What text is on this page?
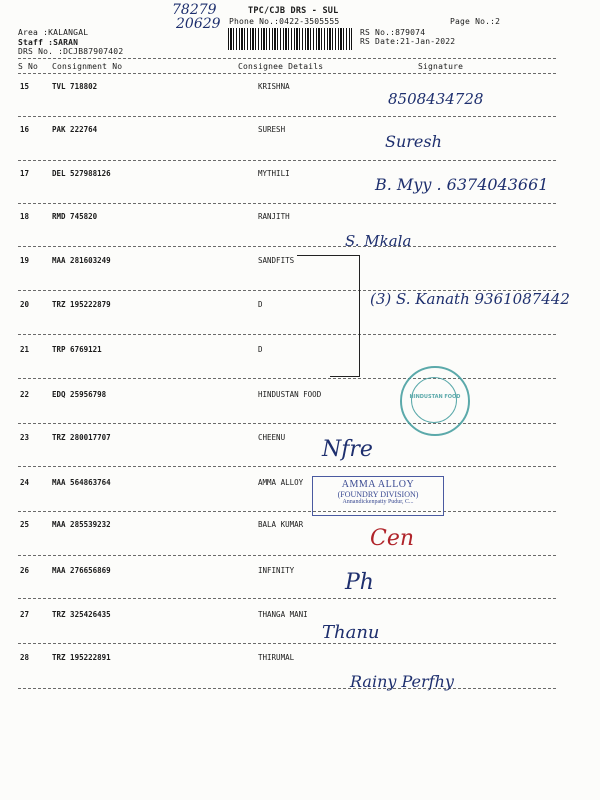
78279
20629
TPC/CJB DRS - SUL
Phone No.:0422-3505555	Page No.:2
Area :KALANGAL
Staff :SARAN
DRS No. :DCJB87907402
RS No.:879074
RS Date:21-Jan-2022
S No Consignment No	Consignee Details	Signature
15	TVL 718802	KRISHNA
16	PAK 222764	SURESH
17	DEL 527988126	MYTHILI
18	RMD 745820	RANJITH
19	MAA 281603249	SANDFITS
20	TRZ 195222879	D
21	TRP 6769121	D
22	EDQ 25956798	HINDUSTAN FOOD
23	TRZ 280017707	CHEENU
24	MAA 564863764	AMMA ALLOY
25	MAA 285539232	BALA KUMAR
26	MAA 276656869	INFINITY
27	TRZ 325426435	THANGA MANI
28	TRZ 195222891	THIRUMAL
8508434728
Suresh
B. Myy . 6374043661
S. Mkala
(3) S. Kanath 9361087442
Nfre
Cen
Ph
Thanu
Rainy Perfhy
HINDUSTAN FOOD
AMMA ALLOY
(FOUNDRY DIVISION)
Annandickenpatty Pudur, C...
